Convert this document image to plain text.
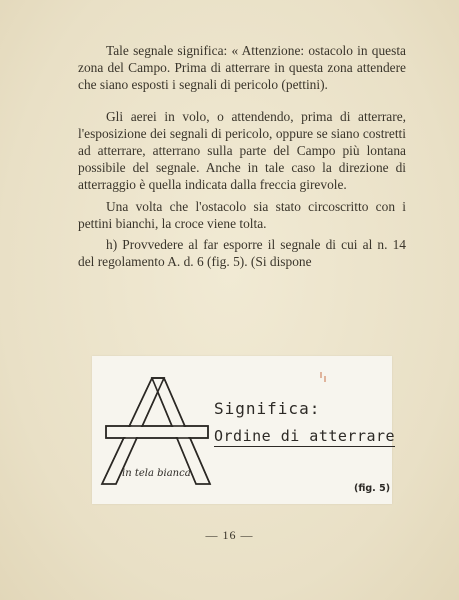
Tale segnale significa: « Attenzione: ostacolo in questa zona del Campo. Prima di atterrare in questa zona attendere che siano esposti i segnali di pericolo (pettini).

Gli aerei in volo, o attendendo, prima di atterrare, l'esposizione dei segnali di pericolo, oppure se siano costretti ad atterrare, atterrano sulla parte del Campo più lontana possibile del segnale. Anche in tale caso la direzione di atterraggio è quella indicata dalla freccia girevole.

Una volta che l'ostacolo sia stato circoscritto con i pettini bianchi, la croce viene tolta.

h) Provvedere al far esporre il segnale di cui al n. 14 del regolamento A. d. 6 (fig. 5). (Si dispone

Significa:
Ordine di atterrare
in tela bianca
(fig. 5)
— 16 —
